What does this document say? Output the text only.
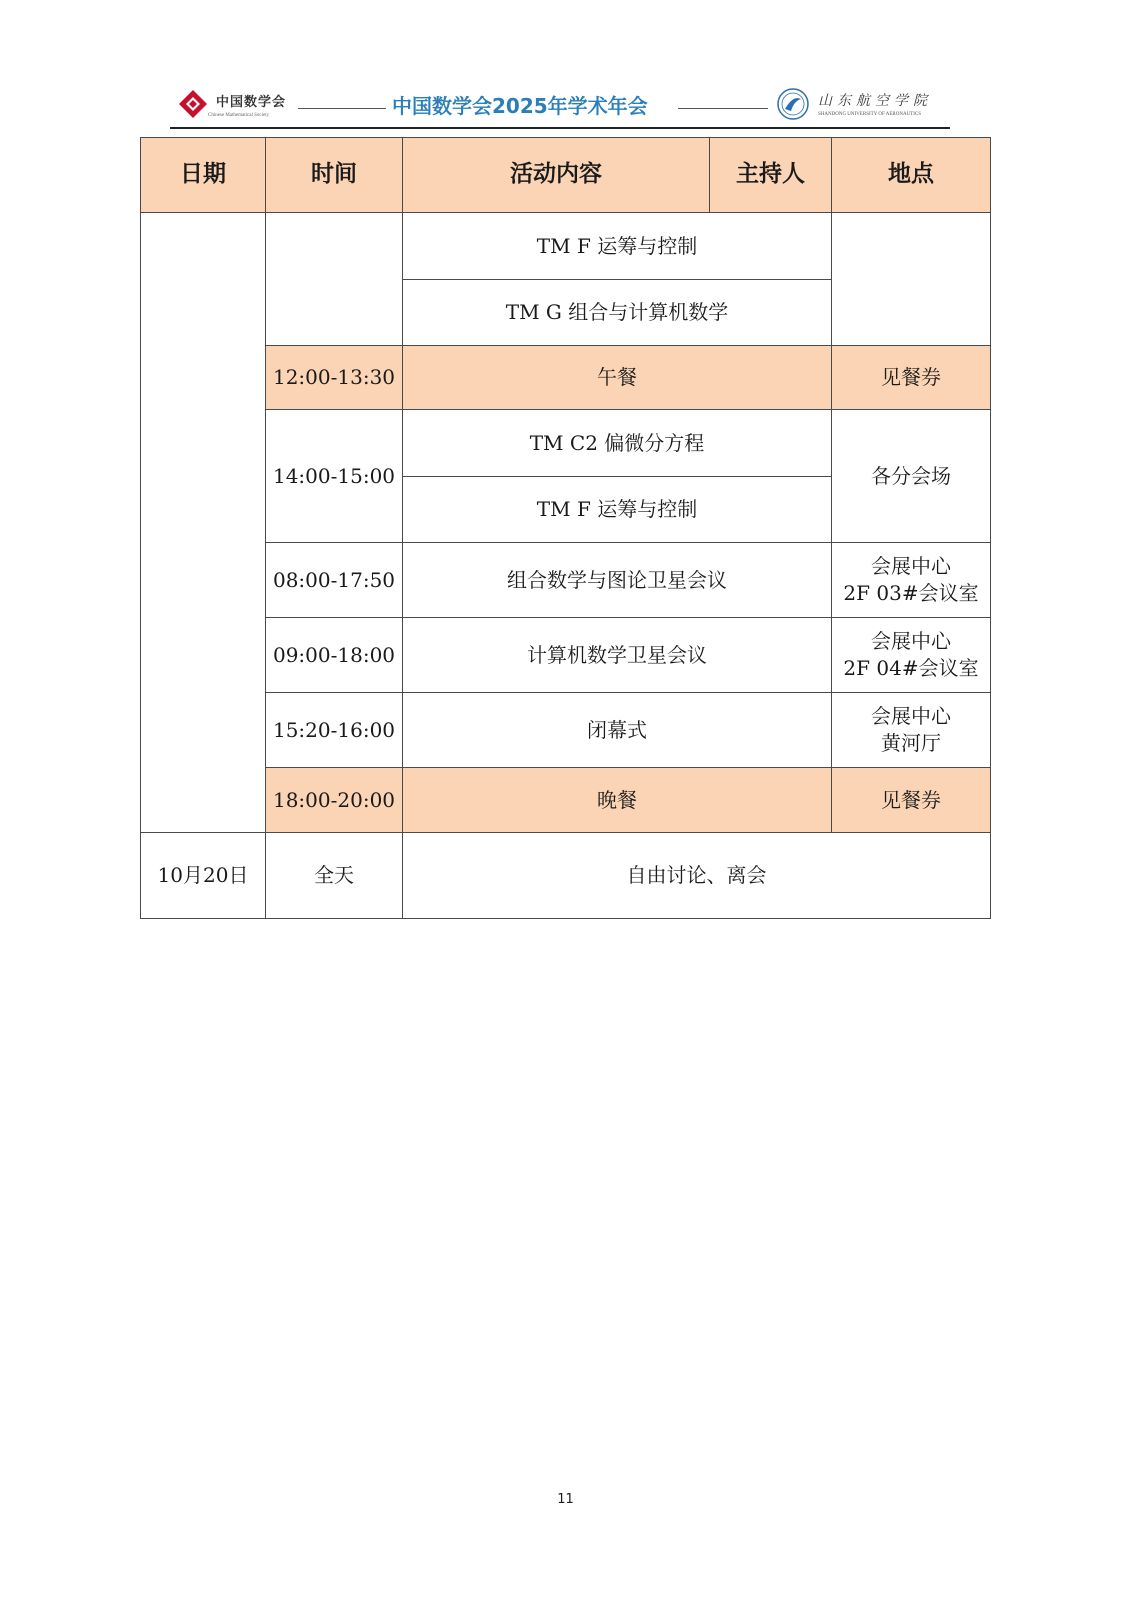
中国数学会
Chinese Mathematical Society	中国数学会2025年学术年会	山东航空学院
SHANDONG UNIVERSITY OF AERONAUTICS
日期	时间	活动内容	主持人	地点
		TM F 运筹与控制		
		TM G 组合与计算机数学		
	12:00-13:30	午餐		见餐券
	14:00-15:00	TM C2 偏微分方程		各分会场
		TM F 运筹与控制		
	08:00-17:50	组合数学与图论卫星会议		会展中心
2F 03#会议室

	09:00-18:00	计算机数学卫星会议		会展中心
2F 04#会议室

	15:20-16:00	闭幕式		会展中心
黄河厅

	18:00-20:00	晚餐		见餐券

10月20日	全天	自由讨论、离会		
11
